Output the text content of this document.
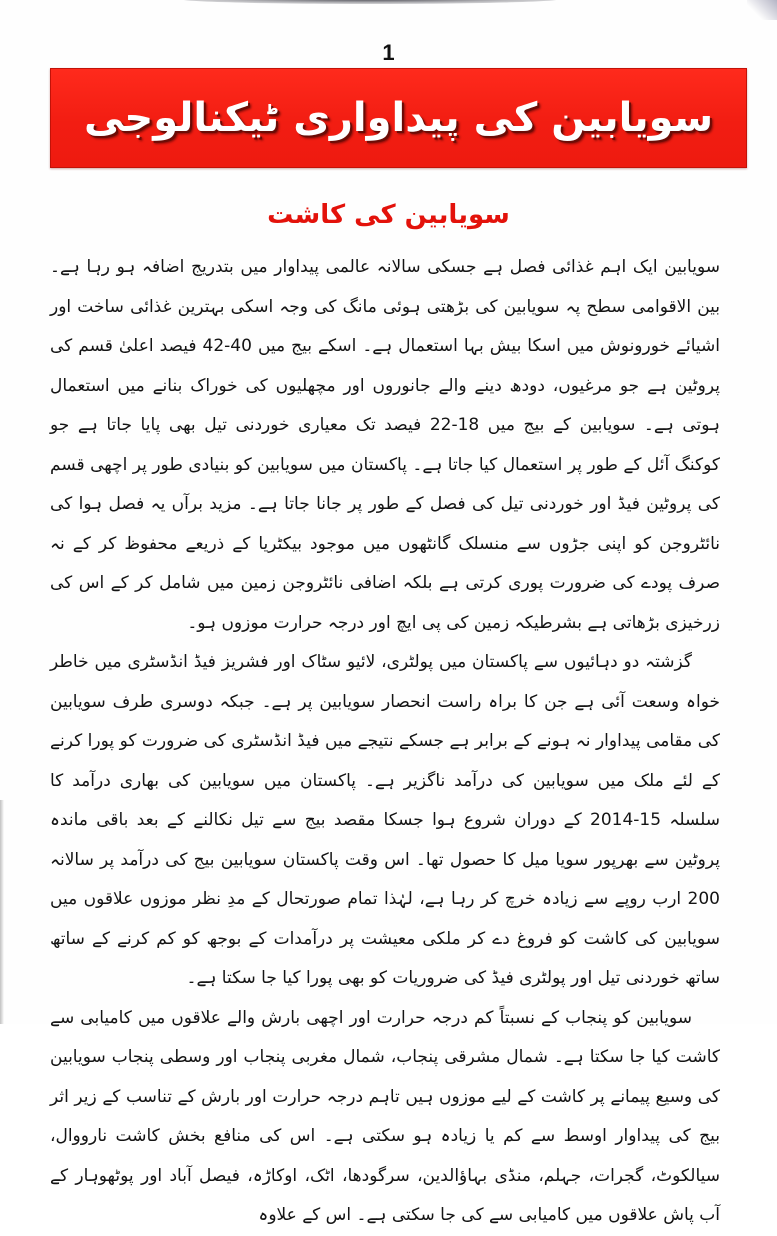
1
سویابین کی پیداواری ٹیکنالوجی
سویابین کی کاشت

سویابین ایک اہم غذائی فصل ہے جسکی سالانہ عالمی پیداوار میں بتدریج اضافہ ہو رہا ہے۔ بین الاقوامی سطح پہ سویابین کی بڑھتی ہوئی مانگ کی وجہ اسکی بہترین غذائی ساخت اور اشیائے خورونوش میں اسکا بیش بہا استعمال ہے۔ اسکے بیج میں 40-42 فیصد اعلیٰ قسم کی پروٹین ہے جو مرغیوں، دودھ دینے والے جانوروں اور مچھلیوں کی خوراک بنانے میں استعمال ہوتی ہے۔ سویابین کے بیج میں 18-22 فیصد تک معیاری خوردنی تیل بھی پایا جاتا ہے جو کوکنگ آئل کے طور پر استعمال کیا جاتا ہے۔ پاکستان میں سویابین کو بنیادی طور پر اچھی قسم کی پروٹین فیڈ اور خوردنی تیل کی فصل کے طور پر جانا جاتا ہے۔ مزید برآں یہ فصل ہوا کی نائٹروجن کو اپنی جڑوں سے منسلک گانٹھوں میں موجود بیکٹریا کے ذریعے محفوظ کر کے نہ صرف پودے کی ضرورت پوری کرتی ہے بلکہ اضافی نائٹروجن زمین میں شامل کر کے اس کی زرخیزی بڑھاتی ہے بشرطیکہ زمین کی پی ایچ اور درجہ حرارت موزوں ہو۔

گزشتہ دو دہائیوں سے پاکستان میں پولٹری، لائیو سٹاک اور فشریز فیڈ انڈسٹری میں خاطر خواہ وسعت آئی ہے جن کا براہ راست انحصار سویابین پر ہے۔ جبکہ دوسری طرف سویابین کی مقامی پیداوار نہ ہونے کے برابر ہے جسکے نتیجے میں فیڈ انڈسٹری کی ضرورت کو پورا کرنے کے لئے ملک میں سویابین کی درآمد ناگزیر ہے۔ پاکستان میں سویابین کی بھاری درآمد کا سلسلہ 15-2014 کے دوران شروع ہوا جسکا مقصد بیج سے تیل نکالنے کے بعد باقی ماندہ پروٹین سے بھرپور سویا میل کا حصول تھا۔ اس وقت پاکستان سویابین بیج کی درآمد پر سالانہ 200 ارب روپے سے زیادہ خرچ کر رہا ہے، لہٰذا تمام صورتحال کے مدِ نظر موزوں علاقوں میں سویابین کی کاشت کو فروغ دے کر ملکی معیشت پر درآمدات کے بوجھ کو کم کرنے کے ساتھ ساتھ خوردنی تیل اور پولٹری فیڈ کی ضروریات کو بھی پورا کیا جا سکتا ہے۔

سویابین کو پنجاب کے نسبتاً کم درجہ حرارت اور اچھی بارش والے علاقوں میں کامیابی سے کاشت کیا جا سکتا ہے۔ شمال مشرقی پنجاب، شمال مغربی پنجاب اور وسطی پنجاب سویابین کی وسیع پیمانے پر کاشت کے لیے موزوں ہیں تاہم درجہ حرارت اور بارش کے تناسب کے زیر اثر بیج کی پیداوار اوسط سے کم یا زیادہ ہو سکتی ہے۔ اس کی منافع بخش کاشت نارووال، سیالکوٹ، گجرات، جہلم، منڈی بہاؤالدین، سرگودھا، اٹک، اوکاڑہ، فیصل آباد اور پوٹھوہار کے آب پاش علاقوں میں کامیابی سے کی جا سکتی ہے۔ اس کے علاوہ
